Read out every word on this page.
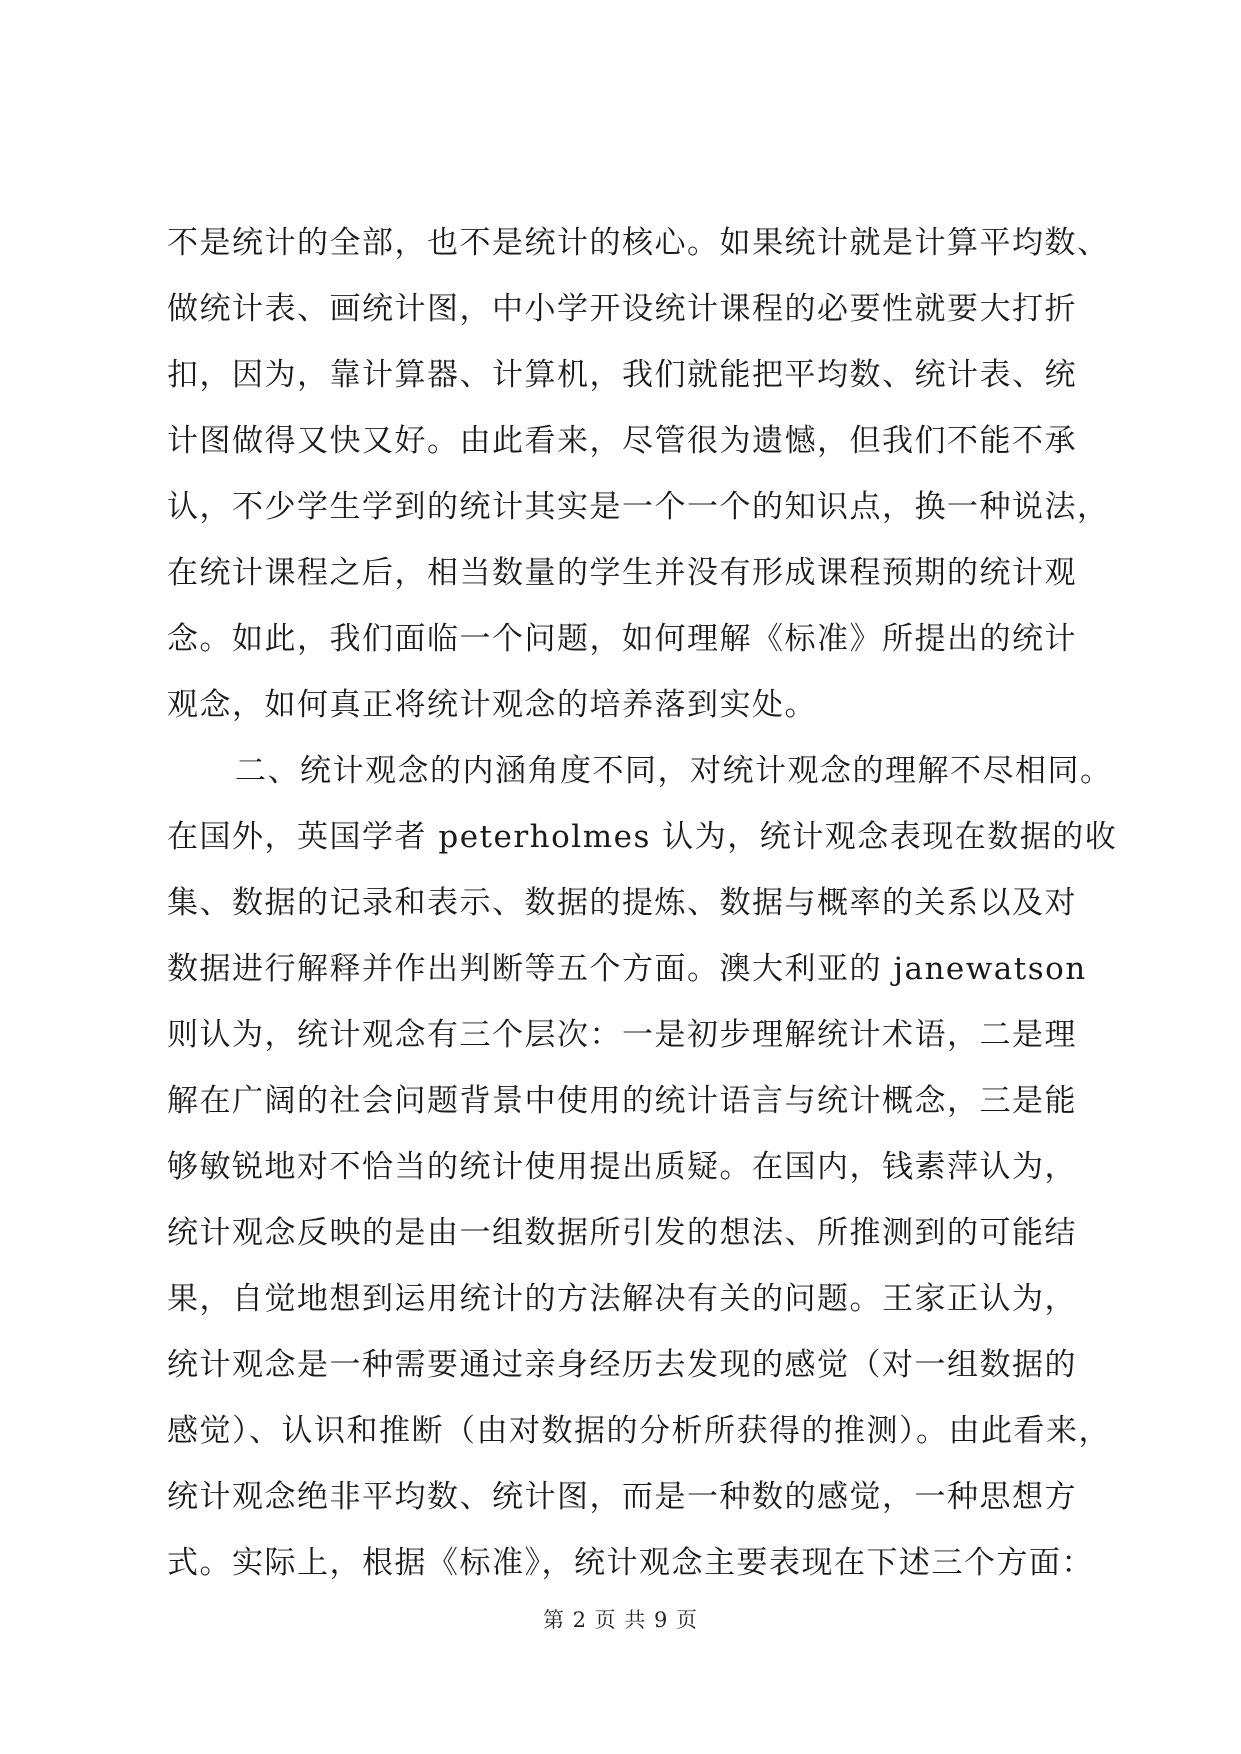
不是统计的全部，也不是统计的核心。如果统计就是计算平均数、
做统计表、画统计图，中小学开设统计课程的必要性就要大打折
扣，因为，靠计算器、计算机，我们就能把平均数、统计表、统
计图做得又快又好。由此看来，尽管很为遗憾，但我们不能不承
认，不少学生学到的统计其实是一个一个的知识点，换一种说法，
在统计课程之后，相当数量的学生并没有形成课程预期的统计观
念。如此，我们面临一个问题，如何理解《标准》所提出的统计
观念，如何真正将统计观念的培养落到实处。
二、统计观念的内涵角度不同，对统计观念的理解不尽相同。
在国外，英国学者 peterholmes 认为，统计观念表现在数据的收
集、数据的记录和表示、数据的提炼、数据与概率的关系以及对
数据进行解释并作出判断等五个方面。澳大利亚的 janewatson
则认为，统计观念有三个层次：一是初步理解统计术语，二是理
解在广阔的社会问题背景中使用的统计语言与统计概念，三是能
够敏锐地对不恰当的统计使用提出质疑。在国内，钱素萍认为，
统计观念反映的是由一组数据所引发的想法、所推测到的可能结
果，自觉地想到运用统计的方法解决有关的问题。王家正认为，
统计观念是一种需要通过亲身经历去发现的感觉（对一组数据的
感觉）、认识和推断（由对数据的分析所获得的推测）。由此看来，
统计观念绝非平均数、统计图，而是一种数的感觉，一种思想方
式。实际上，根据《标准》，统计观念主要表现在下述三个方面：
第 2 页 共 9 页
